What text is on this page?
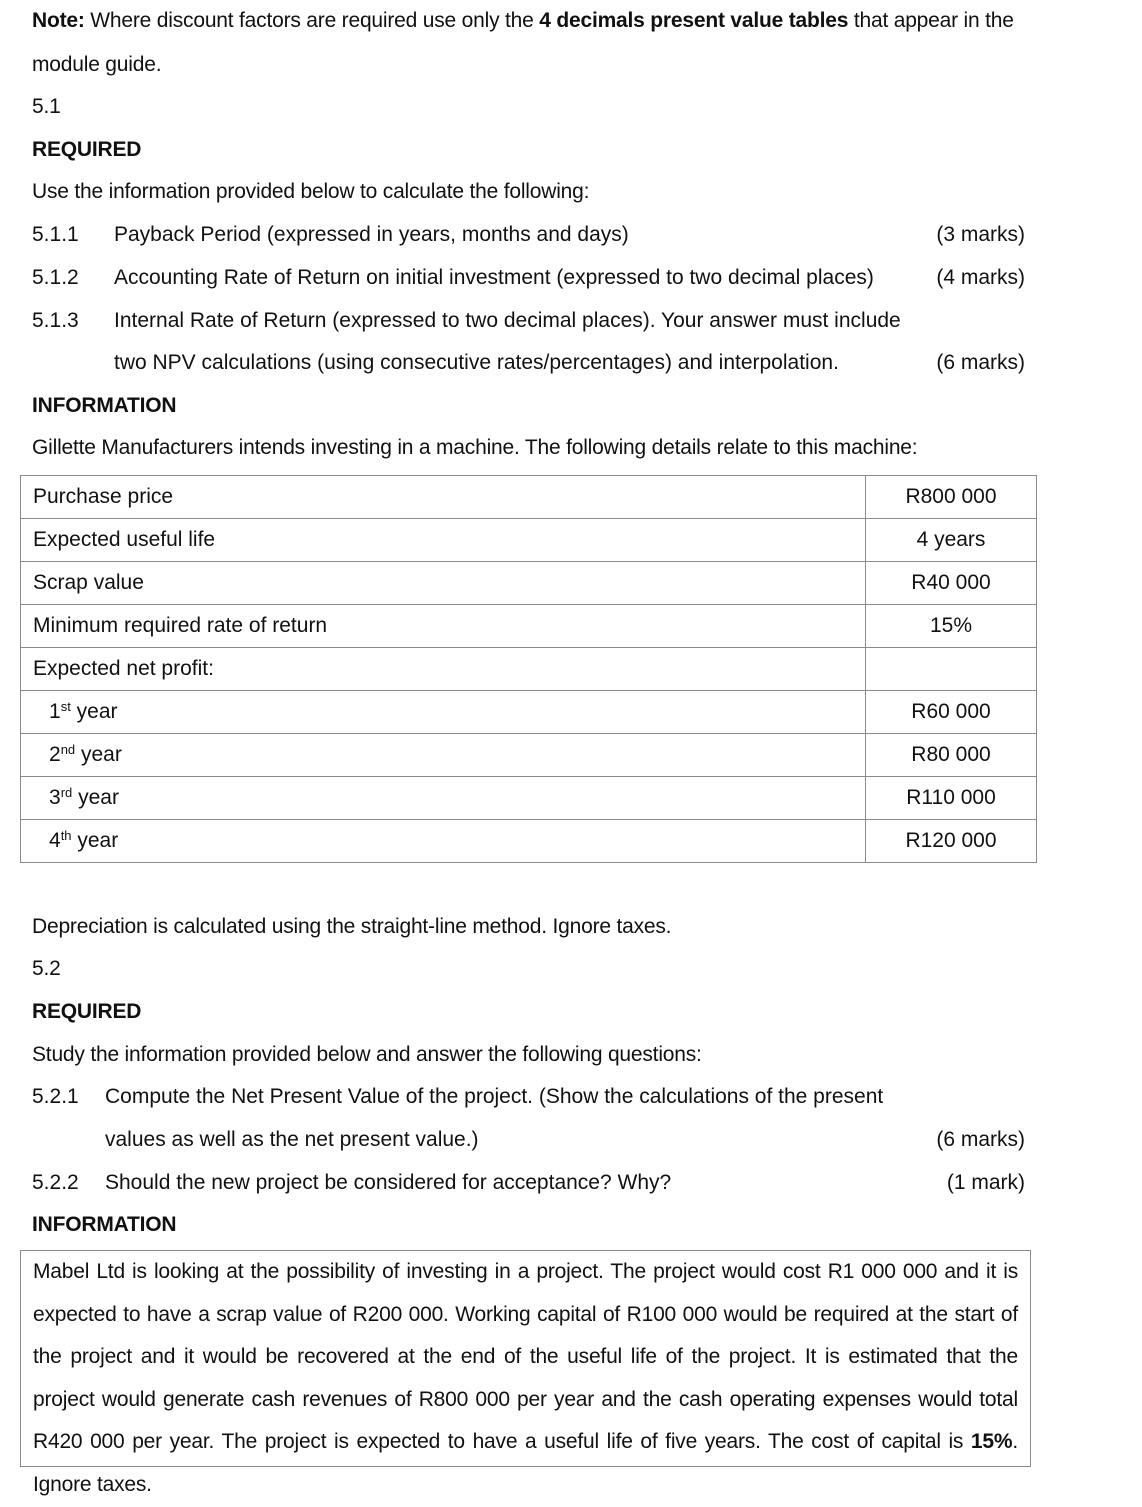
Note: Where discount factors are required use only the 4 decimals present value tables that appear in the
module guide.
5.1
REQUIRED
Use the information provided below to calculate the following:
5.1.1 Payback Period (expressed in years, months and days)	(3 marks)
5.1.2 Accounting Rate of Return on initial investment (expressed to two decimal places)	(4 marks)
5.1.3 Internal Rate of Return (expressed to two decimal places). Your answer must include
two NPV calculations (using consecutive rates/percentages) and interpolation.	(6 marks)
INFORMATION
Gillette Manufacturers intends investing in a machine. The following details relate to this machine:
Purchase price	R800 000
Expected useful life	4 years
Scrap value	R40 000
Minimum required rate of return	15%
Expected net profit:	
1st year	R60 000
2nd year	R80 000
3rd year	R110 000
4th year	R120 000
Depreciation is calculated using the straight-line method. Ignore taxes.
5.2
REQUIRED
Study the information provided below and answer the following questions:
5.2.1 Compute the Net Present Value of the project. (Show the calculations of the present
values as well as the net present value.)	(6 marks)
5.2.2 Should the new project be considered for acceptance? Why?	(1 mark)
INFORMATION

Mabel Ltd is looking at the possibility of investing in a project. The project would cost R1 000 000 and it is expected to have a scrap value of R200 000. Working capital of R100 000 would be required at the start of the project and it would be recovered at the end of the useful life of the project. It is estimated that the project would generate cash revenues of R800 000 per year and the cash operating expenses would total R420 000 per year. The project is expected to have a useful life of five years. The cost of capital is 15%. Ignore taxes.
